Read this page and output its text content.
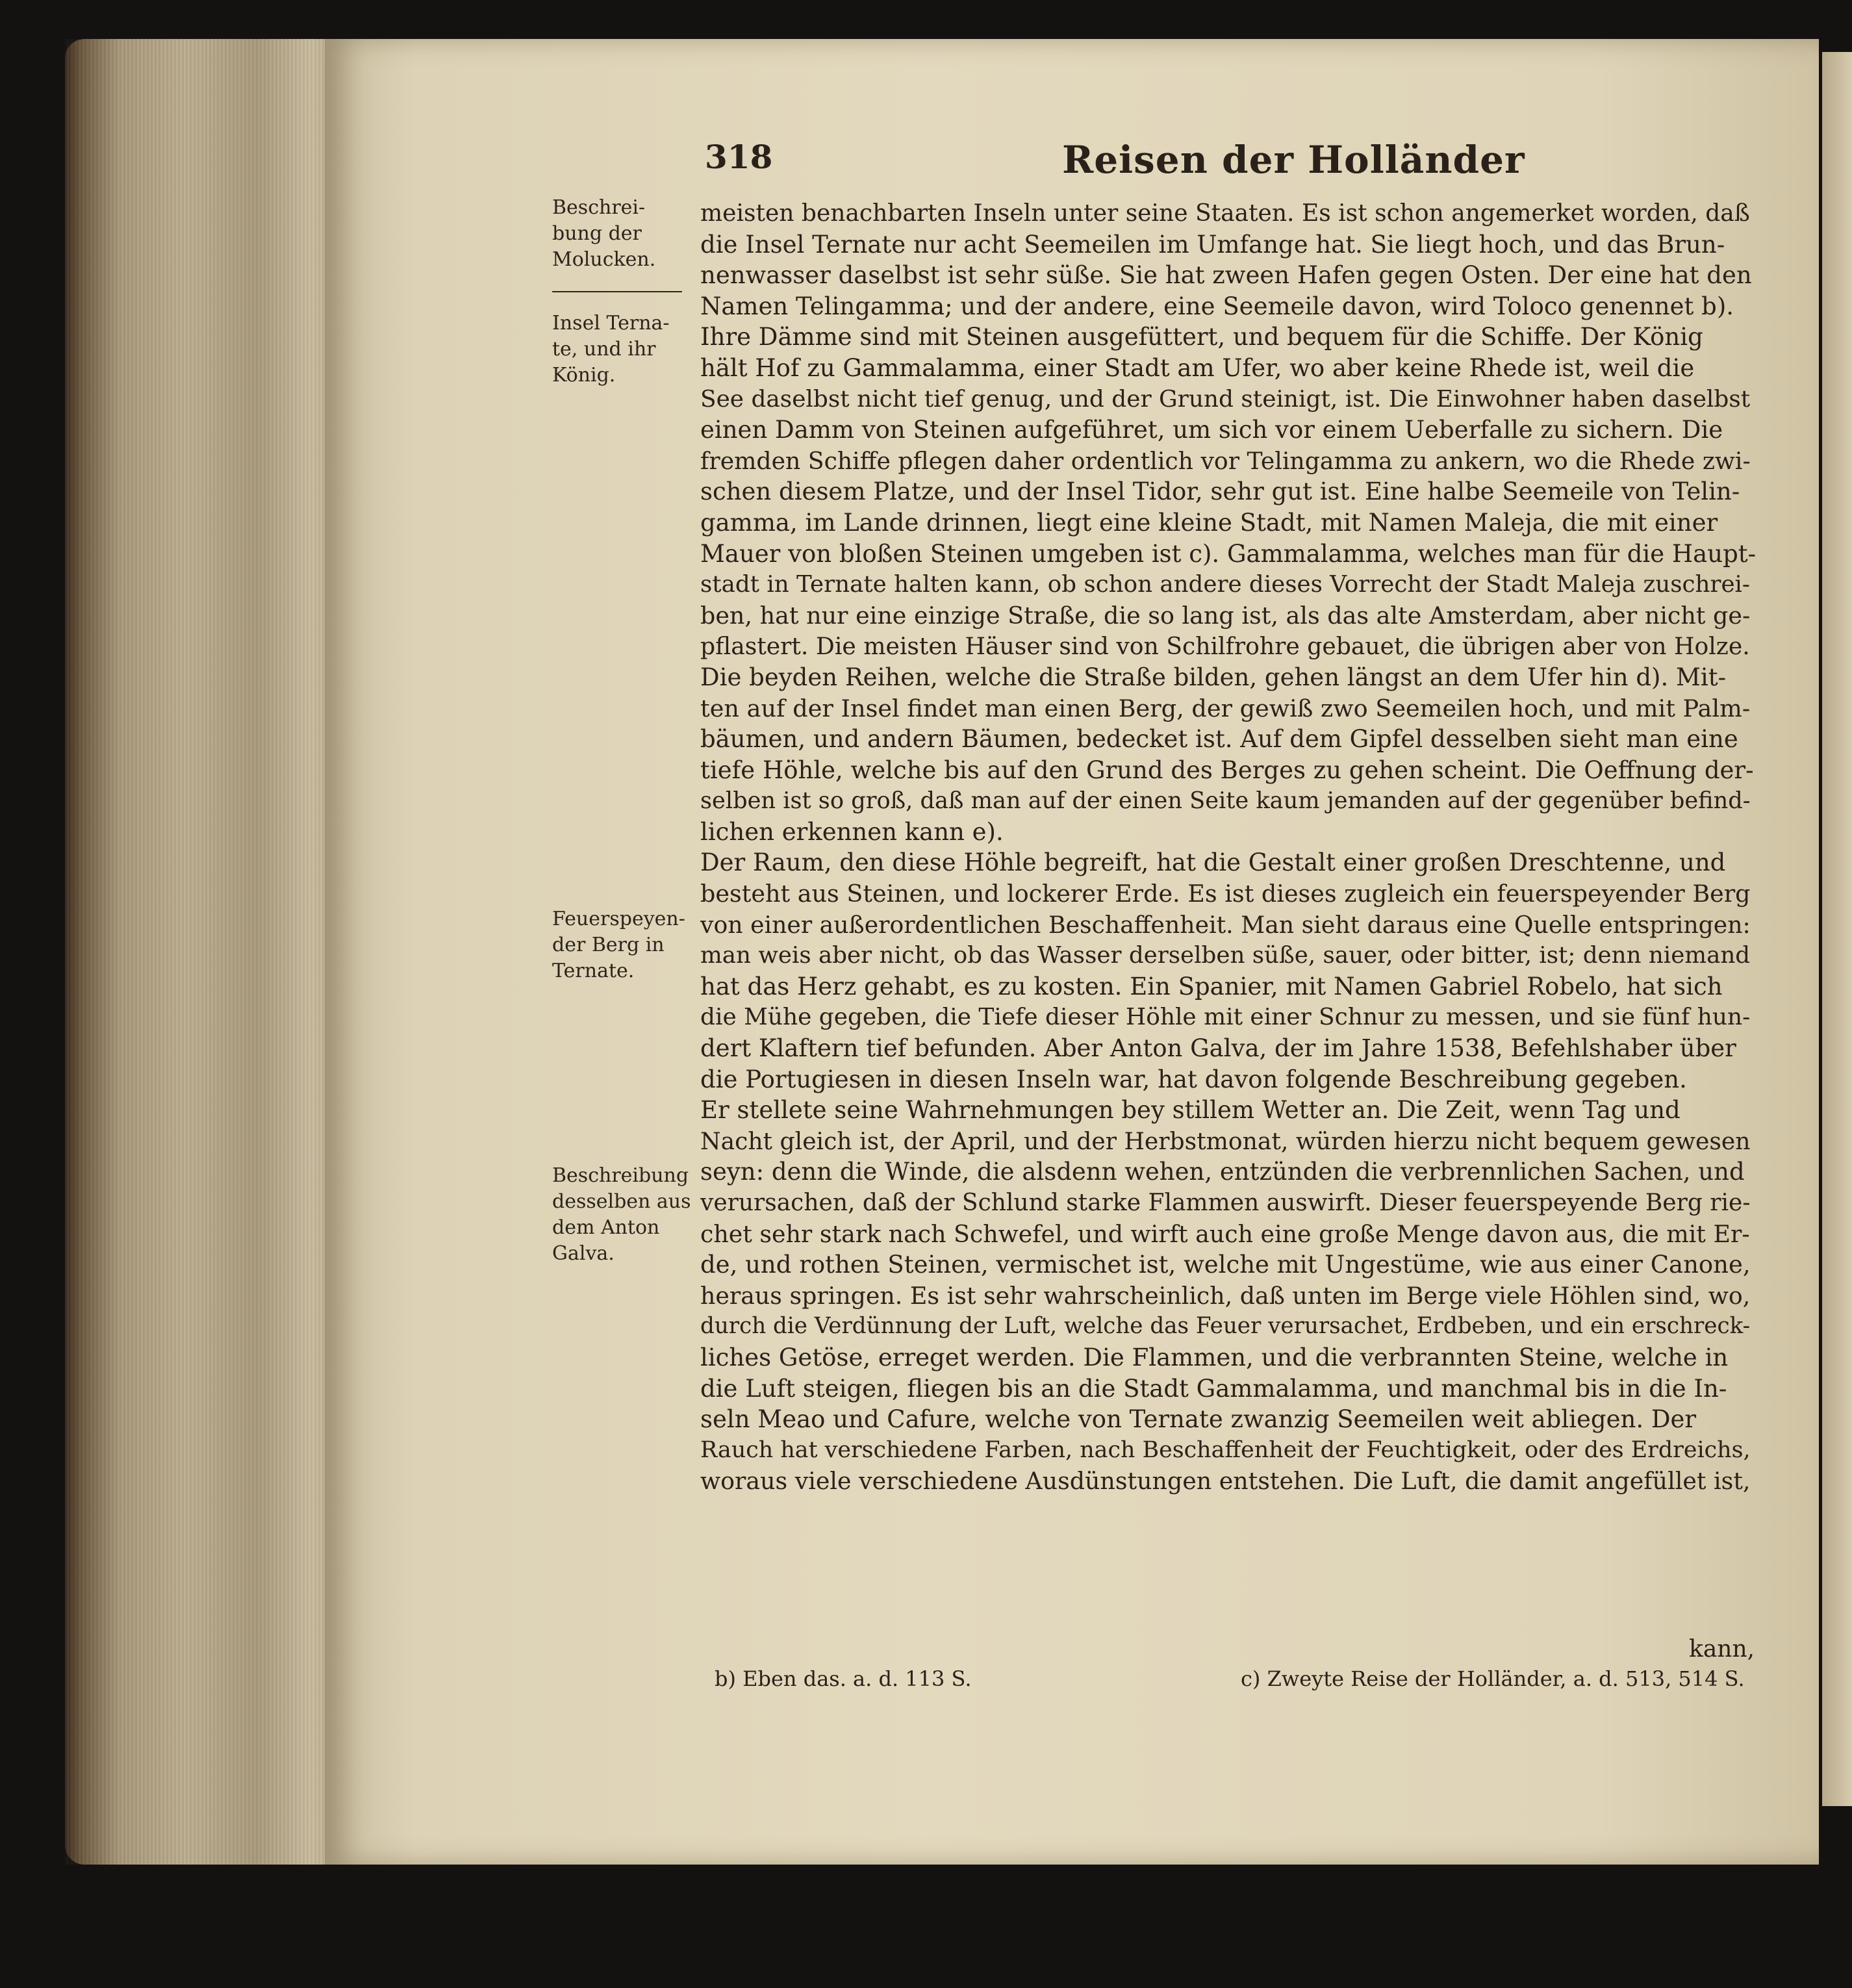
318	Reisen der Holländer
Beschrei-
bung der
Molucken.
Insel Terna-
te, und ihr
König.
Feuerspeyen-
der Berg in
Ternate.
Beschreibung
desselben aus
dem Anton
Galva.
meisten benachbarten Inseln unter seine Staaten. Es ist schon angemerket worden, daß
die Insel Ternate nur acht Seemeilen im Umfange hat. Sie liegt hoch, und das Brun-
nenwasser daselbst ist sehr süße. Sie hat zween Hafen gegen Osten. Der eine hat den
Namen Telingamma; und der andere, eine Seemeile davon, wird Toloco genennet b).
Ihre Dämme sind mit Steinen ausgefüttert, und bequem für die Schiffe. Der König
hält Hof zu Gammalamma, einer Stadt am Ufer, wo aber keine Rhede ist, weil die
See daselbst nicht tief genug, und der Grund steinigt, ist. Die Einwohner haben daselbst
einen Damm von Steinen aufgeführet, um sich vor einem Ueberfalle zu sichern. Die
fremden Schiffe pflegen daher ordentlich vor Telingamma zu ankern, wo die Rhede zwi-
schen diesem Platze, und der Insel Tidor, sehr gut ist. Eine halbe Seemeile von Telin-
gamma, im Lande drinnen, liegt eine kleine Stadt, mit Namen Maleja, die mit einer
Mauer von bloßen Steinen umgeben ist c). Gammalamma, welches man für die Haupt-
stadt in Ternate halten kann, ob schon andere dieses Vorrecht der Stadt Maleja zuschrei-
ben, hat nur eine einzige Straße, die so lang ist, als das alte Amsterdam, aber nicht ge-
pflastert. Die meisten Häuser sind von Schilfrohre gebauet, die übrigen aber von Holze.
Die beyden Reihen, welche die Straße bilden, gehen längst an dem Ufer hin d). Mit-
ten auf der Insel findet man einen Berg, der gewiß zwo Seemeilen hoch, und mit Palm-
bäumen, und andern Bäumen, bedecket ist. Auf dem Gipfel desselben sieht man eine
tiefe Höhle, welche bis auf den Grund des Berges zu gehen scheint. Die Oeffnung der-
selben ist so groß, daß man auf der einen Seite kaum jemanden auf der gegenüber befind-
lichen erkennen kann e).
Der Raum, den diese Höhle begreift, hat die Gestalt einer großen Dreschtenne, und
besteht aus Steinen, und lockerer Erde. Es ist dieses zugleich ein feuerspeyender Berg
von einer außerordentlichen Beschaffenheit. Man sieht daraus eine Quelle entspringen:
man weis aber nicht, ob das Wasser derselben süße, sauer, oder bitter, ist; denn niemand
hat das Herz gehabt, es zu kosten. Ein Spanier, mit Namen Gabriel Robelo, hat sich
die Mühe gegeben, die Tiefe dieser Höhle mit einer Schnur zu messen, und sie fünf hun-
dert Klaftern tief befunden. Aber Anton Galva, der im Jahre 1538, Befehlshaber über
die Portugiesen in diesen Inseln war, hat davon folgende Beschreibung gegeben.
Er stellete seine Wahrnehmungen bey stillem Wetter an. Die Zeit, wenn Tag und
Nacht gleich ist, der April, und der Herbstmonat, würden hierzu nicht bequem gewesen
seyn: denn die Winde, die alsdenn wehen, entzünden die verbrennlichen Sachen, und
verursachen, daß der Schlund starke Flammen auswirft. Dieser feuerspeyende Berg rie-
chet sehr stark nach Schwefel, und wirft auch eine große Menge davon aus, die mit Er-
de, und rothen Steinen, vermischet ist, welche mit Ungestüme, wie aus einer Canone,
heraus springen. Es ist sehr wahrscheinlich, daß unten im Berge viele Höhlen sind, wo,
durch die Verdünnung der Luft, welche das Feuer verursachet, Erdbeben, und ein erschreck-
liches Getöse, erreget werden. Die Flammen, und die verbrannten Steine, welche in
die Luft steigen, fliegen bis an die Stadt Gammalamma, und manchmal bis in die In-
seln Meao und Cafure, welche von Ternate zwanzig Seemeilen weit abliegen. Der
Rauch hat verschiedene Farben, nach Beschaffenheit der Feuchtigkeit, oder des Erdreichs,
woraus viele verschiedene Ausdünstungen entstehen. Die Luft, die damit angefüllet ist,
kann,
b) Eben das. a. d. 113 S.	c) Zweyte Reise der Holländer, a. d. 513, 514 S.
